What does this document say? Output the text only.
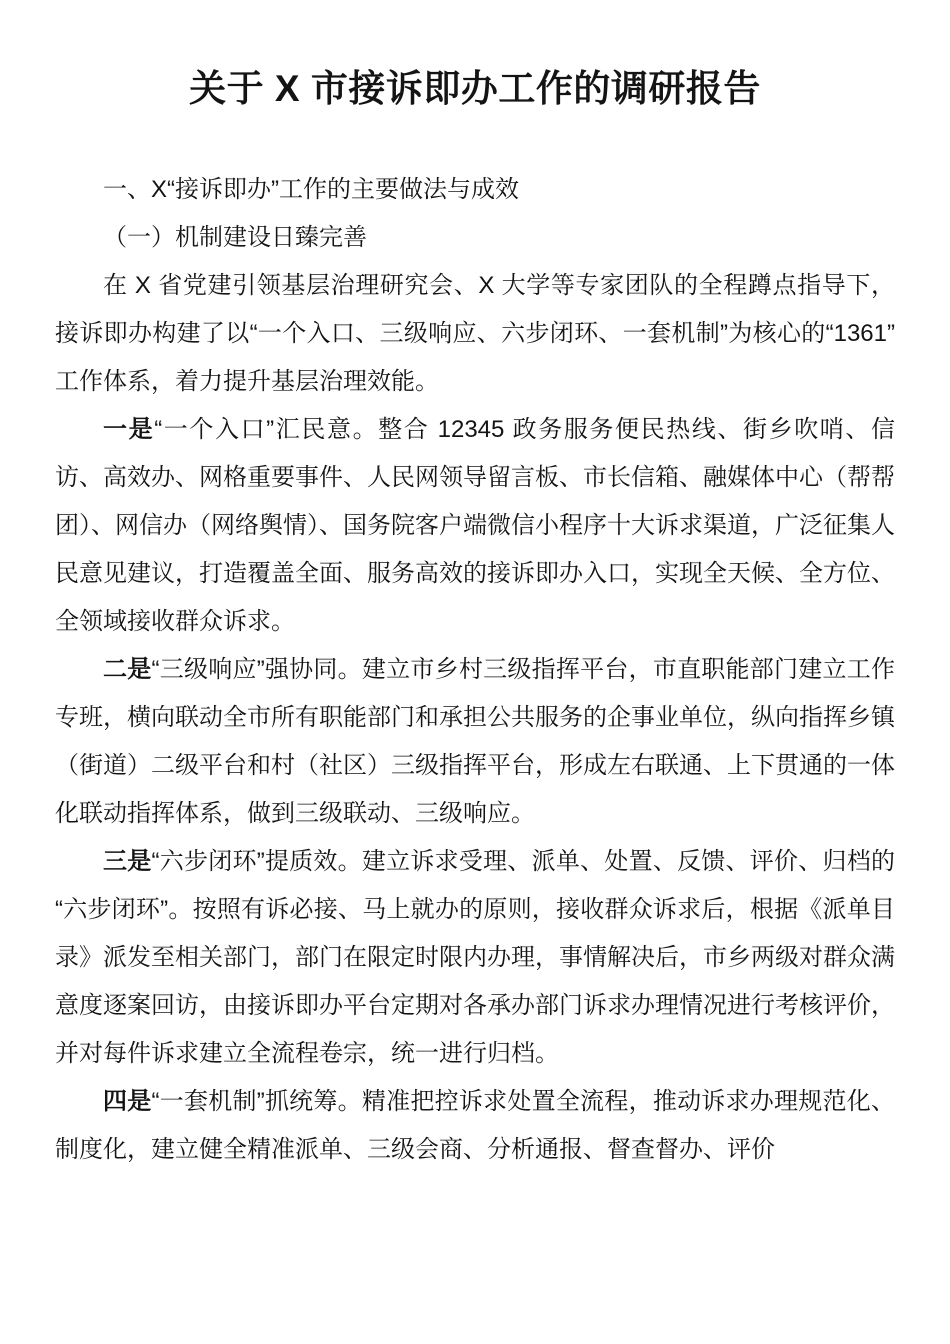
关于 X 市接诉即办工作的调研报告

一、X“接诉即办”工作的主要做法与成效

（一）机制建设日臻完善

在 X 省党建引领基层治理研究会、X 大学等专家团队的全程蹲点指导下，接诉即办构建了以“一个入口、三级响应、六步闭环、一套机制”为核心的“1361”工作体系，着力提升基层治理效能。

一是“一个入口”汇民意。整合 12345 政务服务便民热线、街乡吹哨、信访、高效办、网格重要事件、人民网领导留言板、市长信箱、融媒体中心（帮帮团）、网信办（网络舆情）、国务院客户端微信小程序十大诉求渠道，广泛征集人民意见建议，打造覆盖全面、服务高效的接诉即办入口，实现全天候、全方位、全领域接收群众诉求。

二是“三级响应”强协同。建立市乡村三级指挥平台，市直职能部门建立工作专班，横向联动全市所有职能部门和承担公共服务的企事业单位，纵向指挥乡镇（街道）二级平台和村（社区）三级指挥平台，形成左右联通、上下贯通的一体化联动指挥体系，做到三级联动、三级响应。

三是“六步闭环”提质效。建立诉求受理、派单、处置、反馈、评价、归档的“六步闭环”。按照有诉必接、马上就办的原则，接收群众诉求后，根据《派单目录》派发至相关部门，部门在限定时限内办理，事情解决后，市乡两级对群众满意度逐案回访，由接诉即办平台定期对各承办部门诉求办理情况进行考核评价，并对每件诉求建立全流程卷宗，统一进行归档。

四是“一套机制”抓统筹。精准把控诉求处置全流程，推动诉求办理规范化、制度化，建立健全精准派单、三级会商、分析通报、督查督办、评价
